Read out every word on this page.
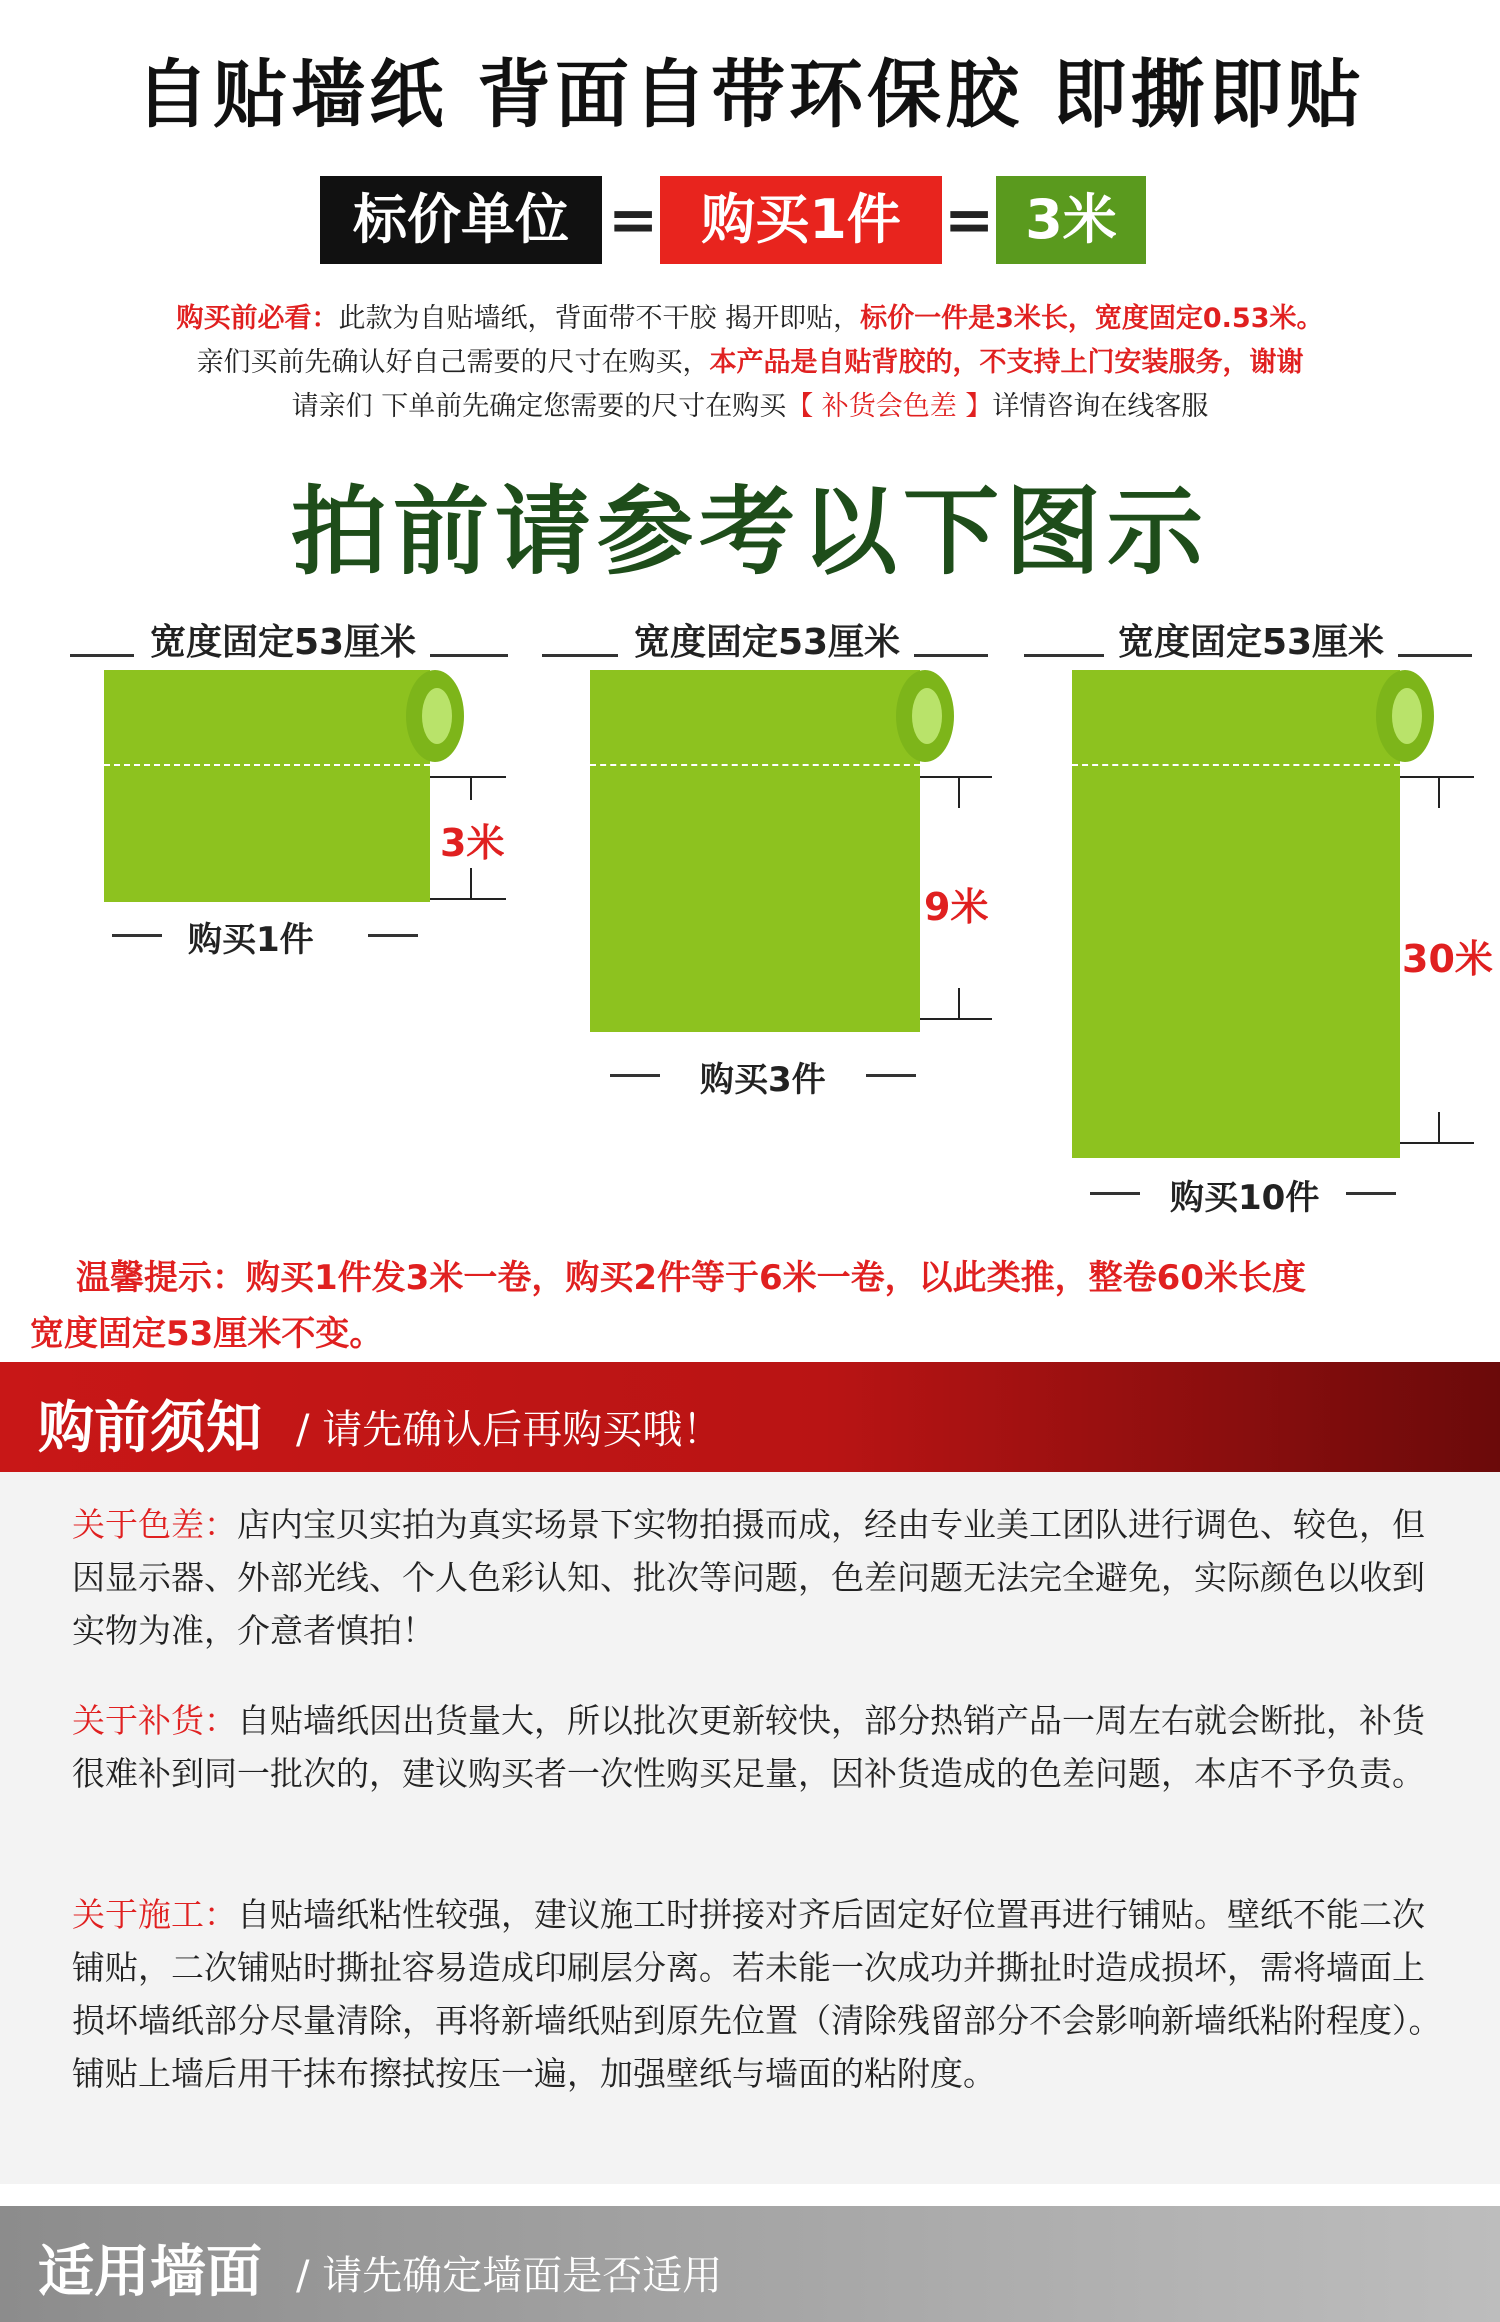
自贴墙纸 背面自带环保胶 即撕即贴
标价单位 = 购买1件 = 3米
购买前必看：此款为自贴墙纸，背面带不干胶 揭开即贴，标价一件是3米长，宽度固定0.53米。
亲们买前先确认好自己需要的尺寸在购买，本产品是自贴背胶的，不支持上门安装服务，谢谢
请亲们 下单前先确定您需要的尺寸在购买【 补货会色差 】详情咨询在线客服
拍前请参考以下图示
宽度固定53厘米
3米
购买1件
宽度固定53厘米
9米
购买3件
宽度固定53厘米
30米
购买10件
温馨提示：购买1件发3米一卷，购买2件等于6米一卷，以此类推，整卷60米长度
宽度固定53厘米不变。
购前须知 / 请先确认后再购买哦！
关于色差：店内宝贝实拍为真实场景下实物拍摄而成，经由专业美工团队进行调色、较色，但因显示器、外部光线、个人色彩认知、批次等问题，色差问题无法完全避免，实际颜色以收到实物为准，介意者慎拍！
关于补货：自贴墙纸因出货量大，所以批次更新较快，部分热销产品一周左右就会断批，补货很难补到同一批次的，建议购买者一次性购买足量，因补货造成的色差问题，本店不予负责。
关于施工：自贴墙纸粘性较强，建议施工时拼接对齐后固定好位置再进行铺贴。壁纸不能二次铺贴，二次铺贴时撕扯容易造成印刷层分离。若未能一次成功并撕扯时造成损坏，需将墙面上损坏墙纸部分尽量清除，再将新墙纸贴到原先位置（清除残留部分不会影响新墙纸粘附程度）。铺贴上墙后用干抹布擦拭按压一遍，加强壁纸与墙面的粘附度。
适用墙面 / 请先确定墙面是否适用
